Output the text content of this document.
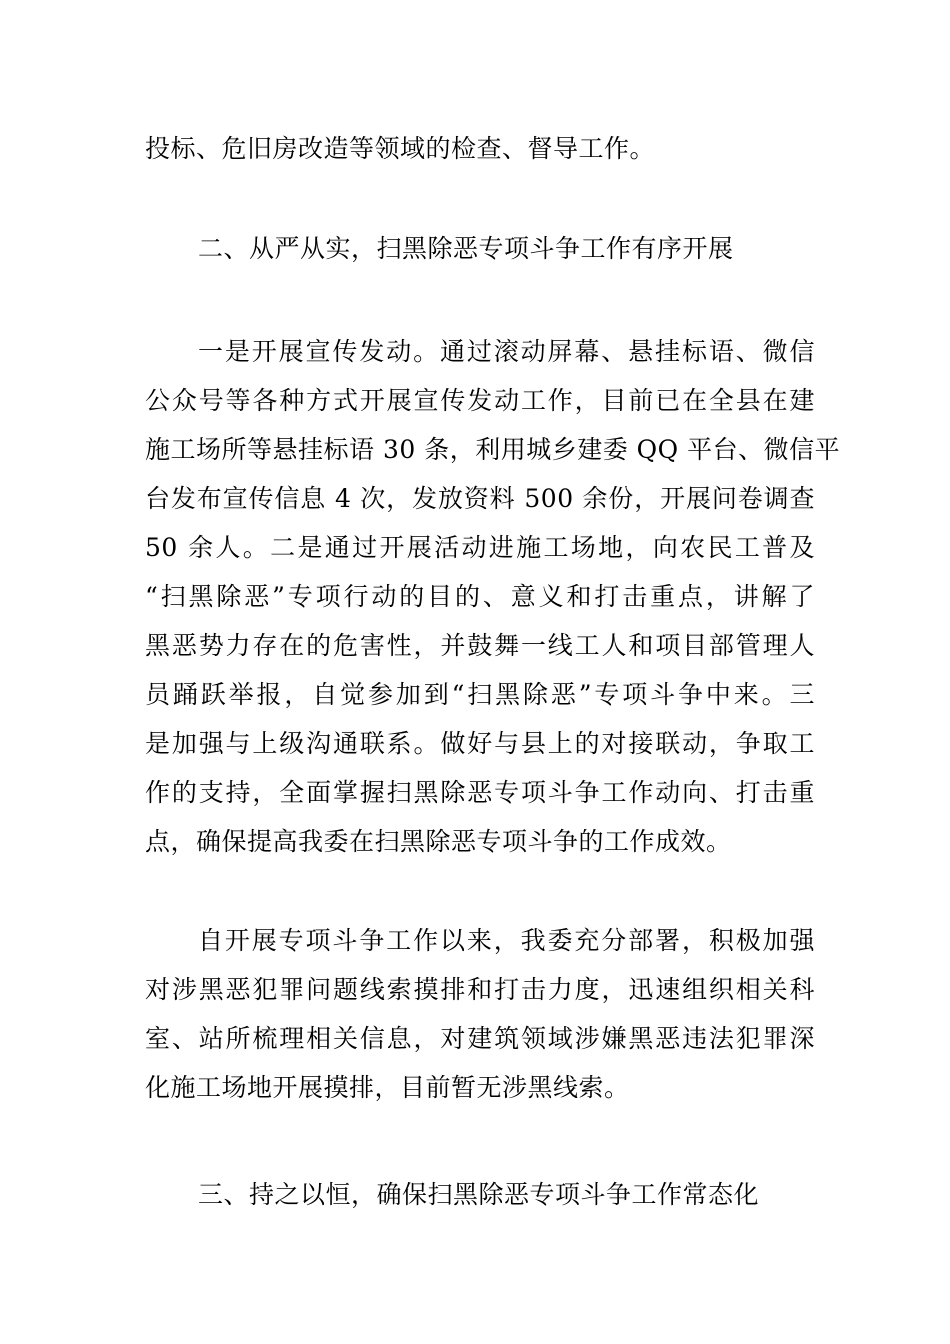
投标、危旧房改造等领域的检查、督导工作。
二、从严从实，扫黑除恶专项斗争工作有序开展
一是开展宣传发动。通过滚动屏幕、悬挂标语、微信
公众号等各种方式开展宣传发动工作，目前已在全县在建
施工场所等悬挂标语 30 条，利用城乡建委 QQ 平台、微信平
台发布宣传信息 4 次，发放资料 500 余份，开展问卷调查
50 余人。二是通过开展活动进施工场地，向农民工普及
“扫黑除恶”专项行动的目的、意义和打击重点，讲解了
黑恶势力存在的危害性，并鼓舞一线工人和项目部管理人
员踊跃举报，自觉参加到“扫黑除恶”专项斗争中来。三
是加强与上级沟通联系。做好与县上的对接联动，争取工
作的支持，全面掌握扫黑除恶专项斗争工作动向、打击重
点，确保提高我委在扫黑除恶专项斗争的工作成效。
自开展专项斗争工作以来，我委充分部署，积极加强
对涉黑恶犯罪问题线索摸排和打击力度，迅速组织相关科
室、站所梳理相关信息，对建筑领域涉嫌黑恶违法犯罪深
化施工场地开展摸排，目前暂无涉黑线索。
三、持之以恒，确保扫黑除恶专项斗争工作常态化
